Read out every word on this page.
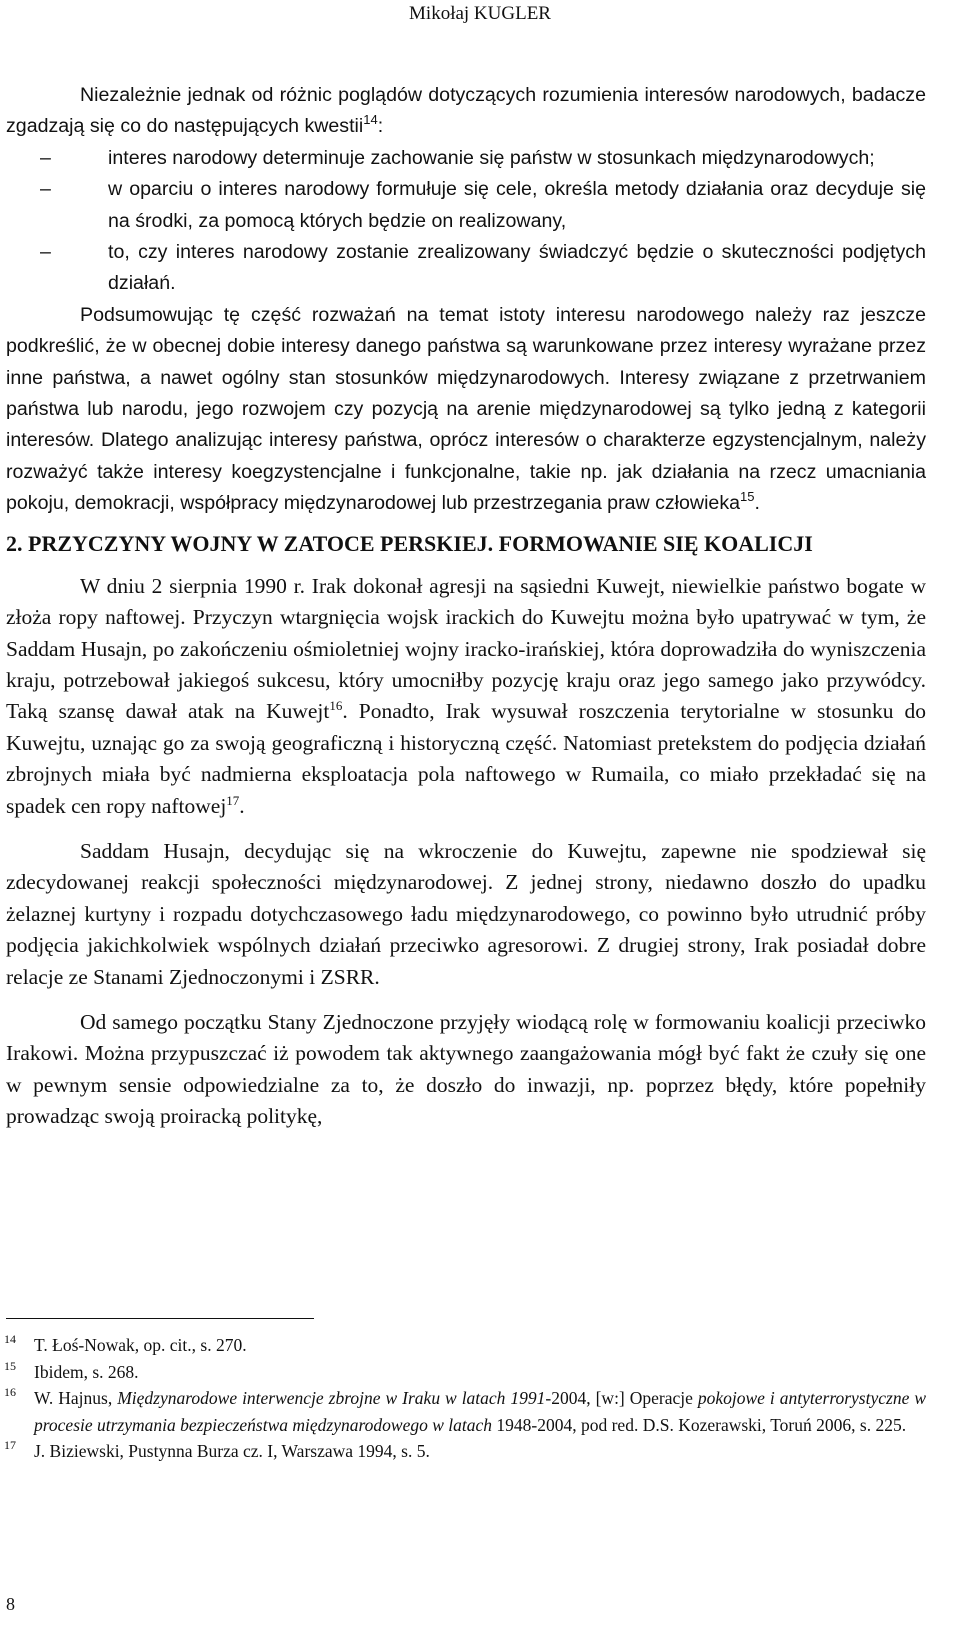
Mikołaj KUGLER

Niezależnie jednak od różnic poglądów dotyczących rozumienia interesów narodowych, badacze zgadzają się co do następujących kwestii$^{14}$:

–	interes narodowy determinuje zachowanie się państw w stosunkach międzynarodowych;
–	w oparciu o interes narodowy formułuje się cele, określa metody działania oraz decyduje się na środki, za pomocą których będzie on realizowany,
–	to, czy interes narodowy zostanie zrealizowany świadczyć będzie o skuteczności podjętych działań.

Podsumowując tę część rozważań na temat istoty interesu narodowego należy raz jeszcze podkreślić, że w obecnej dobie interesy danego państwa są warunkowane przez interesy wyrażane przez inne państwa, a nawet ogólny stan stosunków międzynarodowych. Interesy związane z przetrwaniem państwa lub narodu, jego rozwojem czy pozycją na arenie międzynarodowej są tylko jedną z kategorii interesów. Dlatego analizując interesy państwa, oprócz interesów o charakterze egzystencjalnym, należy rozważyć także interesy koegzystencjalne i funkcjonalne, takie np. jak działania na rzecz umacniania pokoju, demokracji, współpracy międzynarodowej lub przestrzegania praw człowieka$^{15}$.

2. PRZYCZYNY WOJNY W ZATOCE PERSKIEJ. FORMOWANIE SIĘ KOALICJI

W dniu 2 sierpnia 1990 r. Irak dokonał agresji na sąsiedni Kuwejt, niewielkie państwo bogate w złoża ropy naftowej. Przyczyn wtargnięcia wojsk irackich do Kuwejtu można było upatrywać w tym, że Saddam Husajn, po zakończeniu ośmioletniej wojny iracko-irańskiej, która doprowadziła do wyniszczenia kraju, potrzebował jakiegoś sukcesu, który umocniłby pozycję kraju oraz jego samego jako przywódcy. Taką szansę dawał atak na Kuwejt$^{16}$. Ponadto, Irak wysuwał roszczenia terytorialne w stosunku do Kuwejtu, uznając go za swoją geograficzną i historyczną część. Natomiast pretekstem do podjęcia działań zbrojnych miała być nadmierna eksploatacja pola naftowego w Rumaila, co miało przekładać się na spadek cen ropy naftowej$^{17}$.

Saddam Husajn, decydując się na wkroczenie do Kuwejtu, zapewne nie spodziewał się zdecydowanej reakcji społeczności międzynarodowej. Z jednej strony, niedawno doszło do upadku żelaznej kurtyny i rozpadu dotychczasowego ładu międzynarodowego, co powinno było utrudnić próby podjęcia jakichkolwiek wspólnych działań przeciwko agresorowi. Z drugiej strony, Irak posiadał dobre relacje ze Stanami Zjednoczonymi i ZSRR.

Od samego początku Stany Zjednoczone przyjęły wiodącą rolę w formowaniu koalicji przeciwko Irakowi. Można przypuszczać iż powodem tak aktywnego zaangażowania mógł być fakt że czuły się one w pewnym sensie odpowiedzialne za to, że doszło do inwazji, np. poprzez błędy, które popełniły prowadząc swoją proiracką politykę,

14 T. Łoś-Nowak, op. cit., s. 270.
15 Ibidem, s. 268.
16 W. Hajnus, Międzynarodowe interwencje zbrojne w Iraku w latach 1991-2004, [w:] Operacje pokojowe i antyterrorystyczne w procesie utrzymania bezpieczeństwa międzynarodowego w latach 1948-2004, pod red. D.S. Kozerawski, Toruń 2006, s. 225.
17 J. Biziewski, Pustynna Burza cz. I, Warszawa 1994, s. 5.
8
